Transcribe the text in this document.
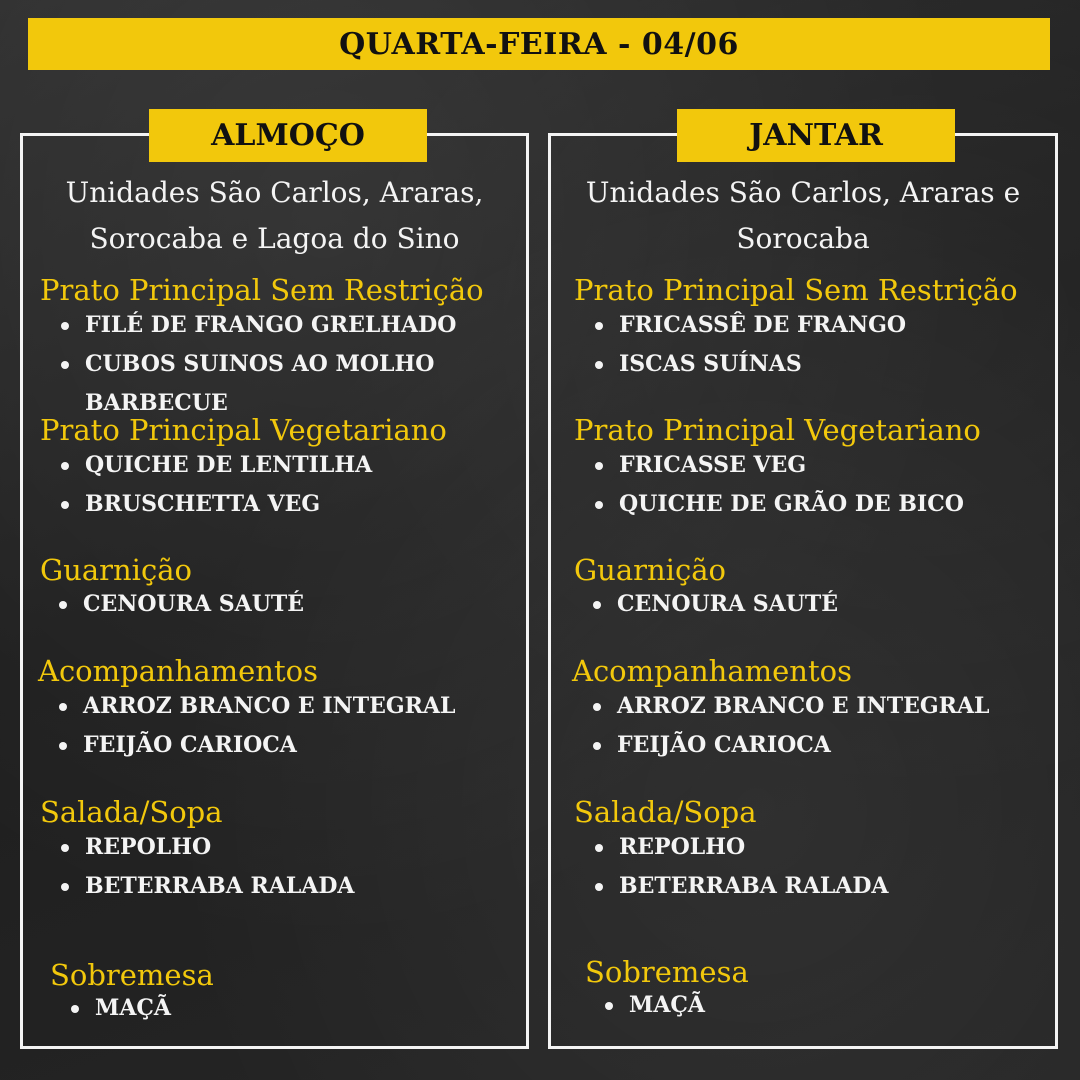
QUARTA-FEIRA - 04/06
ALMOÇO
Unidades São Carlos, Araras,
Sorocaba e Lagoa do Sino
Prato Principal Sem Restrição
FILÉ DE FRANGO GRELHADO
CUBOS SUINOS AO MOLHO
BARBECUE
Prato Principal Vegetariano
QUICHE DE LENTILHA
BRUSCHETTA VEG
Guarnição
CENOURA SAUTÉ
Acompanhamentos
ARROZ BRANCO E INTEGRAL
FEIJÃO CARIOCA
Salada/Sopa
REPOLHO
BETERRABA RALADA
Sobremesa
MAÇÃ
JANTAR
Unidades São Carlos, Araras e
Sorocaba
Prato Principal Sem Restrição
FRICASSÊ DE FRANGO
ISCAS SUÍNAS
Prato Principal Vegetariano
FRICASSE VEG
QUICHE DE GRÃO DE BICO
Guarnição
CENOURA SAUTÉ
Acompanhamentos
ARROZ BRANCO E INTEGRAL
FEIJÃO CARIOCA
Salada/Sopa
REPOLHO
BETERRABA RALADA
Sobremesa
MAÇÃ
